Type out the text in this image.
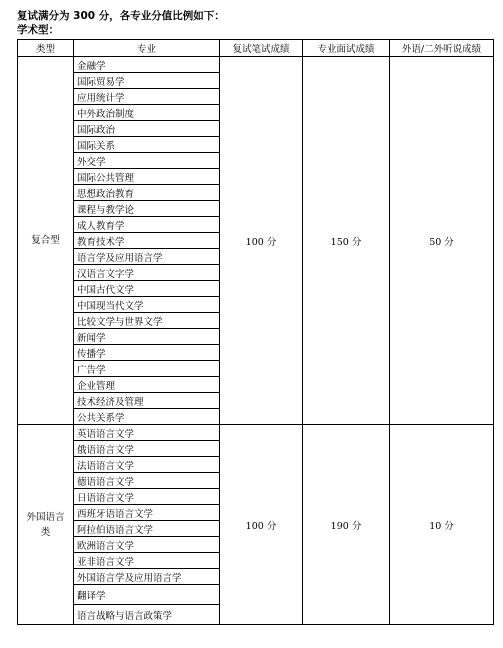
复试满分为 300 分，各专业分值比例如下：
学术型：
类型	专业	复试笔试成绩	专业面试成绩	外语/二外听说成绩
复合型	金融学	100 分	150 分	50 分
	国际贸易学			
	应用统计学			
	中外政治制度			
	国际政治			
	国际关系			
	外交学			
	国际公共管理			
	思想政治教育			
	课程与教学论			
	成人教育学			
	教育技术学			
	语言学及应用语言学			
	汉语言文字学			
	中国古代文学			
	中国现当代文学			
	比较文学与世界文学			
	新闻学			
	传播学			
	广告学			
	企业管理			
	技术经济及管理			
	公共关系学			
外国语言类	英语语言文学	100 分	190 分	10 分
	俄语语言文学			
	法语语言文学			
	德语语言文学			
	日语语言文学			
	西班牙语语言文学			
	阿拉伯语语言文学			
	欧洲语言文学			
	亚非语言文学			
	外国语言学及应用语言学			
	翻译学			
	语言战略与语言政策学			
